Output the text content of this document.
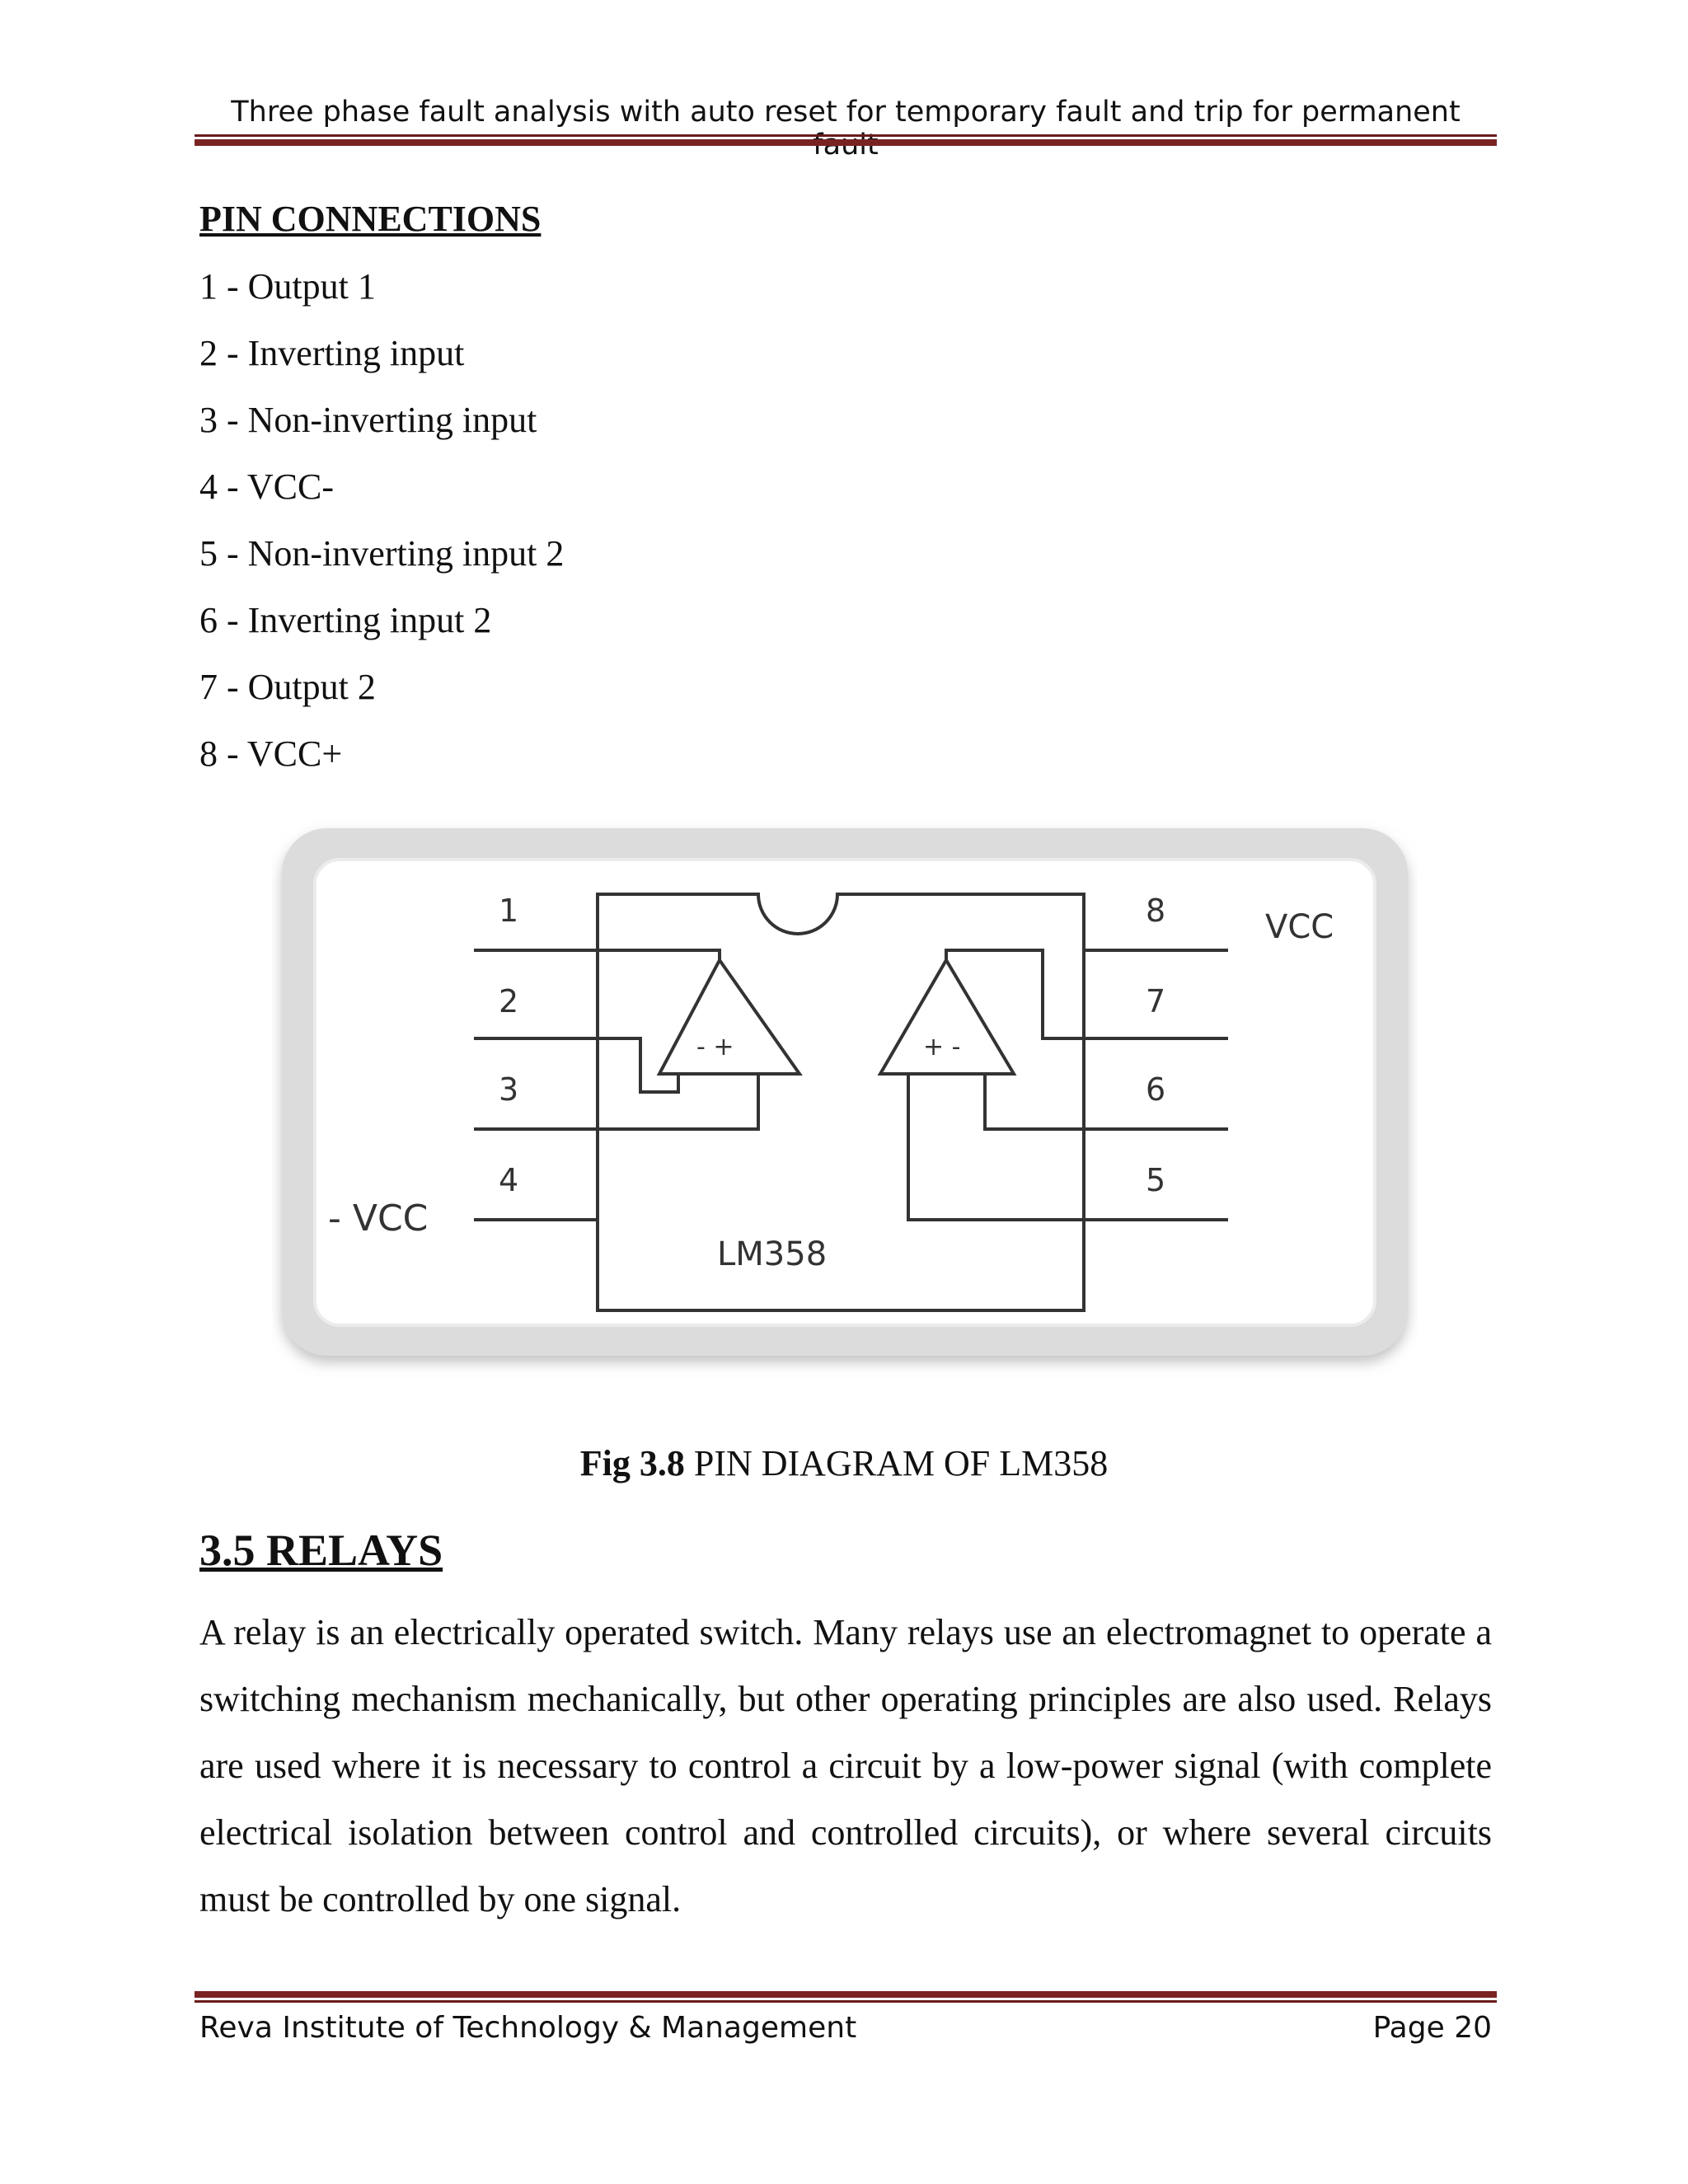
Three phase fault analysis with auto reset for temporary fault and trip for permanent
PIN CONNECTIONS
1 - Output 1
2 - Inverting input
3 - Non-inverting input
4 - VCC-
5 - Non-inverting input 2
6 - Inverting input 2
7 - Output 2
8 - VCC+
1
2
3
4
8
7
6
5
VCC
- VCC
LM358
- +	+ -
Fig 3.8 PIN DIAGRAM OF LM358
3.5 RELAYS

A relay is an electrically operated switch. Many relays use an electromagnet to operate a switching mechanism mechanically, but other operating principles are also used. Relays are used where it is necessary to control a circuit by a low-power signal (with complete electrical isolation between control and controlled circuits), or where several circuits must be controlled by one signal.

Reva Institute of Technology & Management	Page 20
